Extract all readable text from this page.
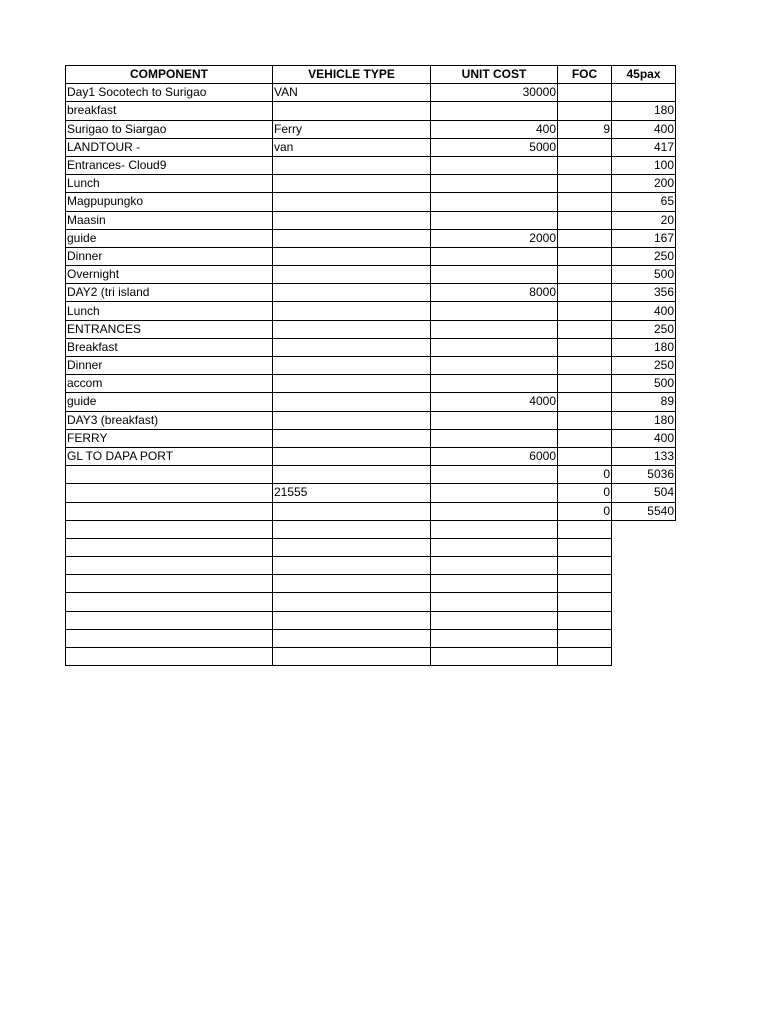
COMPONENT	VEHICLE TYPE	UNIT COST	FOC	45pax
Day1 Socotech to Surigao	VAN	30000		
breakfast				180
Surigao to Siargao	Ferry	400	9	400
LANDTOUR -	van	5000		417
Entrances- Cloud9				100
Lunch				200
Magpupungko				65
Maasin				20
guide		2000		167
Dinner				250
Overnight				500
DAY2 (tri island		8000		356
Lunch				400
ENTRANCES				250
Breakfast				180
Dinner				250
accom				500
guide		4000		89
DAY3 (breakfast)				180
FERRY				400
GL TO DAPA PORT		6000		133
			0	5036
	21555		0	504
			0	5540
